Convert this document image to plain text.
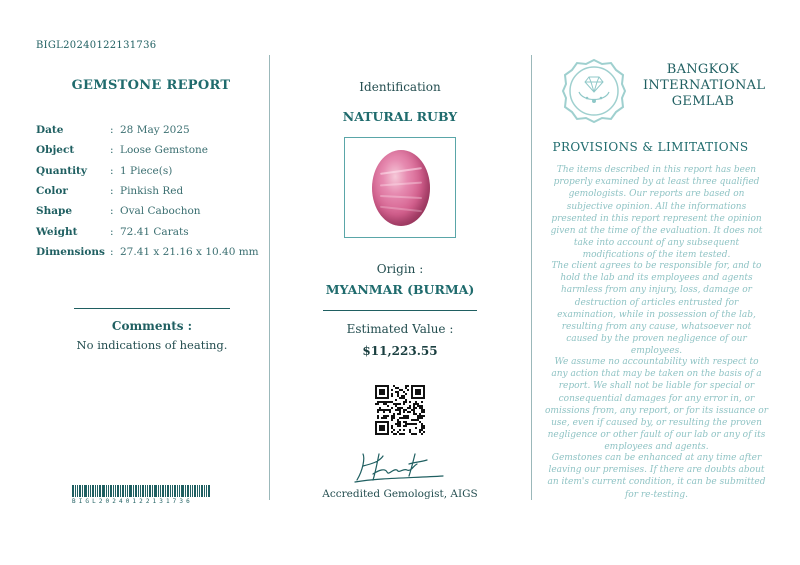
BIGL20240122131736
GEMSTONE REPORT
Date	: 28 May 2025
Object	: Loose Gemstone
Quantity	: 1 Piece(s)
Color	: Pinkish Red
Shape	: Oval Cabochon
Weight	: 72.41 Carats
Dimensions : 27.41 x 21.16 x 10.40 mm
Comments :
No indications of heating.
BIGL20240122131736
Identification
NATURAL RUBY
Origin :
MYANMAR (BURMA)
Estimated Value :
$11,223.55
Accredited Gemologist, AIGS
BANGKOK
INTERNATIONAL
GEMLAB
PROVISIONS & LIMITATIONS
The items described in this report has been properly examined by at least three qualified gemologists. Our reports are based on subjective opinion. All the informations presented in this report represent the opinion given at the time of the evaluation. It does not take into account of any subsequent modifications of the item tested.
The client agrees to be responsible for, and to hold the lab and its employees and agents harmless from any injury, loss, damage or destruction of articles entrusted for examination, while in possession of the lab, resulting from any cause, whatsoever not caused by the proven negligence of our employees.
We assume no accountability with respect to any action that may be taken on the basis of a report. We shall not be liable for special or consequential damages for any error in, or omissions from, any report, or for its issuance or use, even if caused by, or resulting the proven negligence or other fault of our lab or any of its employees and agents.
Gemstones can be enhanced at any time after leaving our premises. If there are doubts about an item's current condition, it can be submitted for re-testing.
